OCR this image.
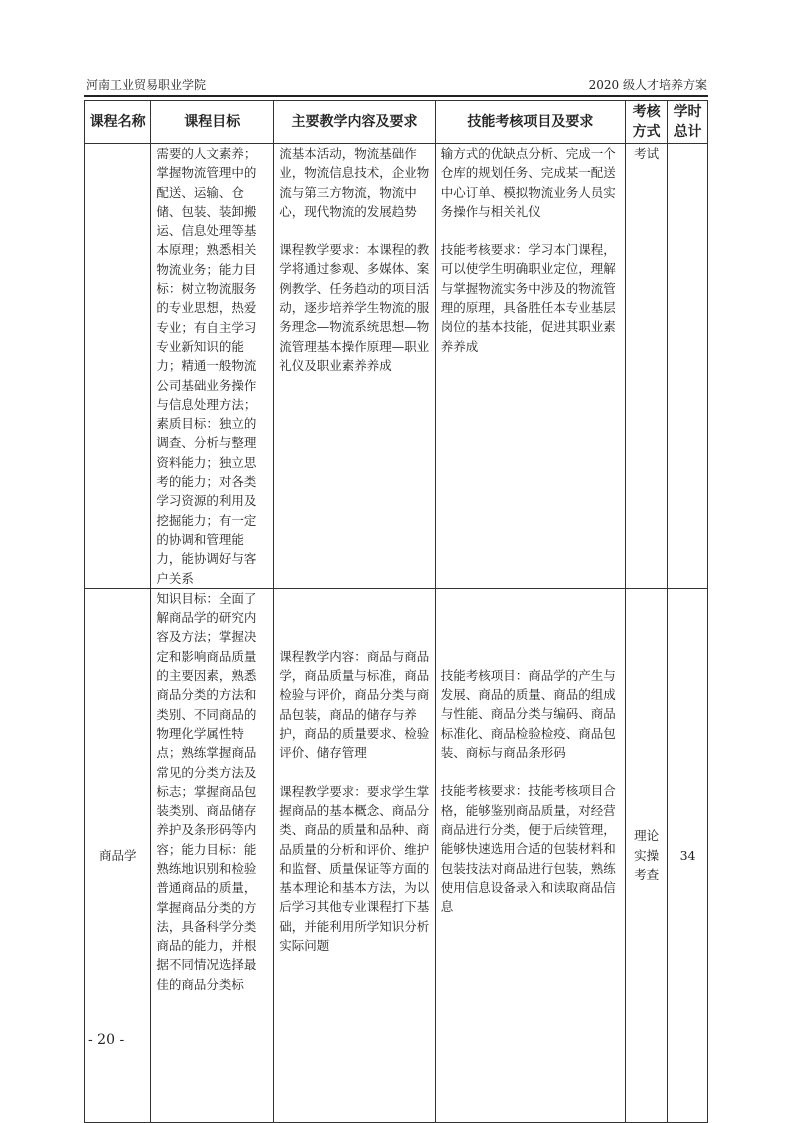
河南工业贸易职业学院	2020 级人才培养方案
课程名称	课程目标	主要教学内容及要求	技能考核项目及要求	
考核
方式

学时
总计

	需要的人文素养；掌握物流管理中的配送、运输、仓储、包装、装卸搬运、信息处理等基本原理；熟悉相关物流业务；能力目标：树立物流服务的专业思想，热爱专业；有自主学习专业新知识的能力；精通一般物流公司基础业务操作与信息处理方法；素质目标：独立的调查、分析与整理资料能力；独立思考的能力；对各类学习资源的利用及挖掘能力；有一定的协调和管理能力，能协调好与客户关系	

流基本活动，物流基础作业，物流信息技术，企业物流与第三方物流，物流中心，现代物流的发展趋势

课程教学要求：本课程的教学将通过参观、多媒体、案例教学、任务趋动的项目活动，逐步培养学生物流的服务理念—物流系统思想—物流管理基本操作原理—职业礼仪及职业素养养成

输方式的优缺点分析、完成一个仓库的规划任务、完成某一配送中心订单、模拟物流业务人员实务操作与相关礼仪

技能考核要求：学习本门课程，可以使学生明确职业定位，理解与掌握物流实务中涉及的物流管理的原理，具备胜任本专业基层岗位的基本技能，促进其职业素养养成

	考试	
商品学	知识目标：全面了解商品学的研究内容及方法；掌握决定和影响商品质量的主要因素，熟悉商品分类的方法和类别、不同商品的物理化学属性特点；熟练掌握商品常见的分类方法及标志；掌握商品包装类别、商品储存养护及条形码等内容；能力目标：能熟练地识别和检验普通商品的质量，掌握商品分类的方法，具备科学分类商品的能力，并根据不同情况选择最佳的商品分类标	

课程教学内容：商品与商品学，商品质量与标准，商品检验与评价，商品分类与商品包装，商品的储存与养护，商品的质量要求、检验评价、储存管理

课程教学要求：要求学生掌握商品的基本概念、商品分类、商品的质量和品种、商品质量的分析和评价、维护和监督、质量保证等方面的基本理论和基本方法，为以后学习其他专业课程打下基础，并能利用所学知识分析实际问题

技能考核项目：商品学的产生与发展、商品的质量、商品的组成与性能、商品分类与编码、商品标准化、商品检验检疫、商品包装、商标与商品条形码

技能考核要求：技能考核项目合格，能够鉴别商品质量，对经营商品进行分类，便于后续管理，能够快速选用合适的包装材料和包装技法对商品进行包装，熟练使用信息设备录入和读取商品信息

	理论实操考查	34
- 20 -
